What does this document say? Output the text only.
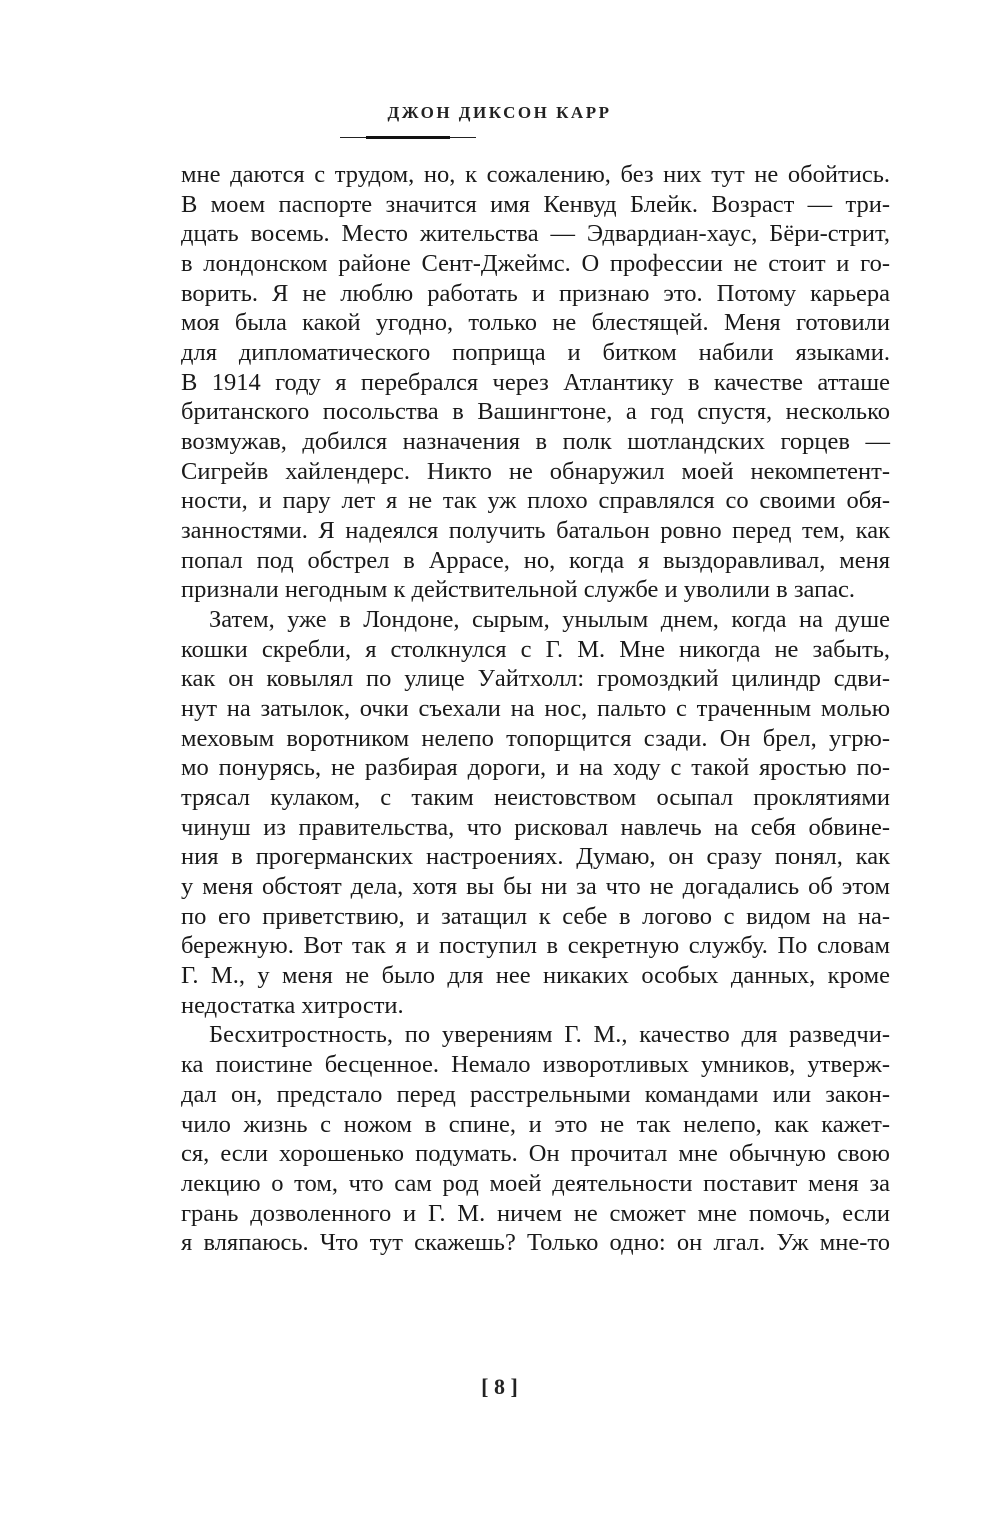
ДЖОН ДИКСОН КАРР
мне даются с трудом, но, к сожалению, без них тут не обойтись.
В моем паспорте значится имя Кенвуд Блейк. Возраст — три-
дцать восемь. Место жительства — Эдвардиан-хаус, Бёри-стрит,
в лондонском районе Сент-Джеймс. О профессии не стоит и го-
ворить. Я не люблю работать и признаю это. Потому карьера
моя была какой угодно, только не блестящей. Меня готовили
для дипломатического поприща и битком набили языками.
В 1914 году я перебрался через Атлантику в качестве атташе
британского посольства в Вашингтоне, а год спустя, несколько
возмужав, добился назначения в полк шотландских горцев —
Сигрейв хайлендерс. Никто не обнаружил моей некомпетент-
ности, и пару лет я не так уж плохо справлялся со своими обя-
занностями. Я надеялся получить батальон ровно перед тем, как
попал под обстрел в Аррасе, но, когда я выздоравливал, меня
признали негодным к действительной службе и уволили в запас.
Затем, уже в Лондоне, сырым, унылым днем, когда на душе
кошки скребли, я столкнулся с Г. М. Мне никогда не забыть,
как он ковылял по улице Уайтхолл: громоздкий цилиндр сдви-
нут на затылок, очки съехали на нос, пальто с траченным молью
меховым воротником нелепо топорщится сзади. Он брел, угрю-
мо понурясь, не разбирая дороги, и на ходу с такой яростью по-
трясал кулаком, с таким неистовством осыпал проклятиями
чинуш из правительства, что рисковал навлечь на себя обвине-
ния в прогерманских настроениях. Думаю, он сразу понял, как
у меня обстоят дела, хотя вы бы ни за что не догадались об этом
по его приветствию, и затащил к себе в логово с видом на на-
бережную. Вот так я и поступил в секретную службу. По словам
Г. М., у меня не было для нее никаких особых данных, кроме
недостатка хитрости.
Бесхитростность, по уверениям Г. М., качество для разведчи-
ка поистине бесценное. Немало изворотливых умников, утверж-
дал он, предстало перед расстрельными командами или закон-
чило жизнь с ножом в спине, и это не так нелепо, как кажет-
ся, если хорошенько подумать. Он прочитал мне обычную свою
лекцию о том, что сам род моей деятельности поставит меня за
грань дозволенного и Г. М. ничем не сможет мне помочь, если
я вляпаюсь. Что тут скажешь? Только одно: он лгал. Уж мне-то
[ 8 ]
